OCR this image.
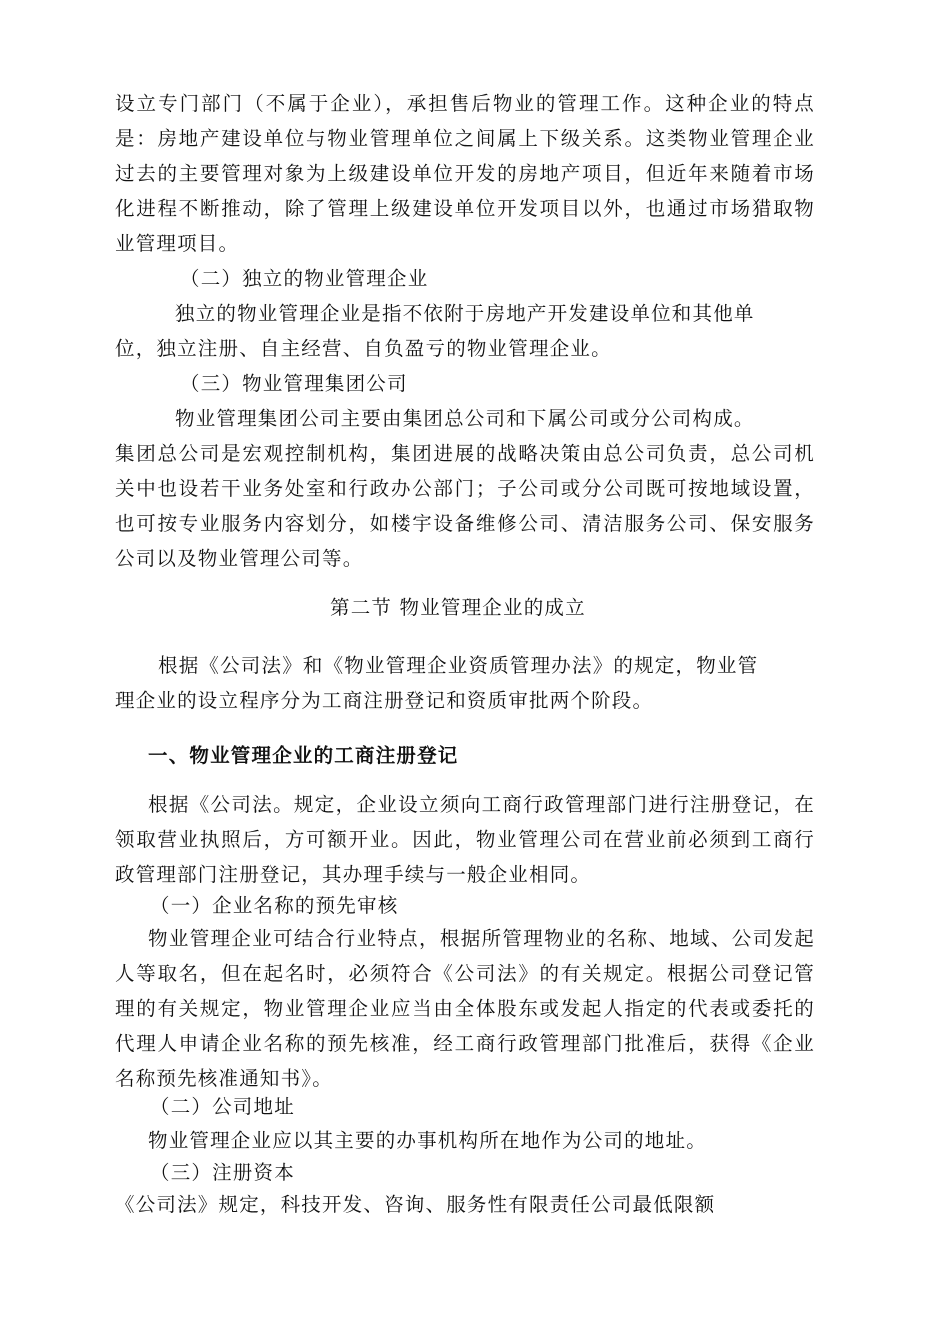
设立专门部门（不属于企业），承担售后物业的管理工作。这种企业的特点是：房地产建设单位与物业管理单位之间属上下级关系。这类物业管理企业过去的主要管理对象为上级建设单位开发的房地产项目，但近年来随着市场化进程不断推动，除了管理上级建设单位开发项目以外，也通过市场猎取物业管理项目。

（二）独立的物业管理企业

独立的物业管理企业是指不依附于房地产开发建设单位和其他单

位，独立注册、自主经营、自负盈亏的物业管理企业。

（三）物业管理集团公司

物业管理集团公司主要由集团总公司和下属公司或分公司构成。

集团总公司是宏观控制机构，集团进展的战略决策由总公司负责，总公司机关中也设若干业务处室和行政办公部门；子公司或分公司既可按地域设置，也可按专业服务内容划分，如楼宇设备维修公司、清洁服务公司、保安服务公司以及物业管理公司等。

第二节 物业管理企业的成立

根据《公司法》和《物业管理企业资质管理办法》的规定，物业管

理企业的设立程序分为工商注册登记和资质审批两个阶段。

一、物业管理企业的工商注册登记

根据《公司法。规定，企业设立须向工商行政管理部门进行注册登记，在领取营业执照后，方可额开业。因此，物业管理公司在营业前必须到工商行政管理部门注册登记，其办理手续与一般企业相同。

（一）企业名称的预先审核

物业管理企业可结合行业特点，根据所管理物业的名称、地域、公司发起人等取名，但在起名时，必须符合《公司法》的有关规定。根据公司登记管理的有关规定，物业管理企业应当由全体股东或发起人指定的代表或委托的代理人申请企业名称的预先核准，经工商行政管理部门批准后，获得《企业名称预先核准通知书》。

（二）公司地址

物业管理企业应以其主要的办事机构所在地作为公司的地址。

（三）注册资本

《公司法》规定，科技开发、咨询、服务性有限责任公司最低限额
